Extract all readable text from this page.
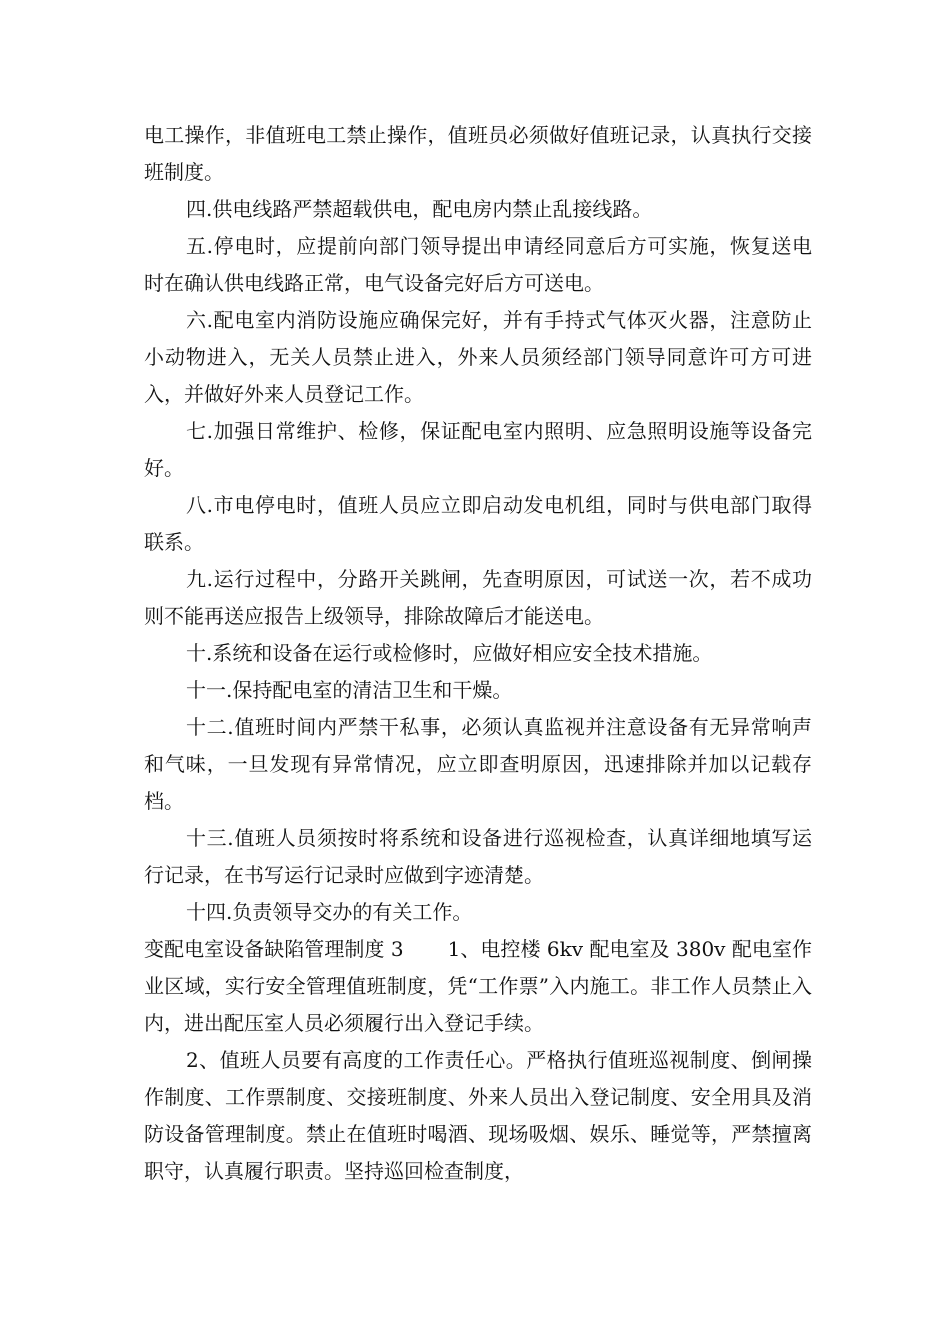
电工操作，非值班电工禁止操作，值班员必须做好值班记录，认真执行交接班制度。

四.供电线路严禁超载供电，配电房内禁止乱接线路。

五.停电时，应提前向部门领导提出申请经同意后方可实施，恢复送电时在确认供电线路正常，电气设备完好后方可送电。

六.配电室内消防设施应确保完好，并有手持式气体灭火器，注意防止小动物进入，无关人员禁止进入，外来人员须经部门领导同意许可方可进入，并做好外来人员登记工作。

七.加强日常维护、检修，保证配电室内照明、应急照明设施等设备完好。

八.市电停电时，值班人员应立即启动发电机组，同时与供电部门取得联系。

九.运行过程中，分路开关跳闸，先查明原因，可试送一次，若不成功则不能再送应报告上级领导，排除故障后才能送电。

十.系统和设备在运行或检修时，应做好相应安全技术措施。

十一.保持配电室的清洁卫生和干燥。

十二.值班时间内严禁干私事，必须认真监视并注意设备有无异常响声和气味，一旦发现有异常情况，应立即查明原因，迅速排除并加以记载存档。

十三.值班人员须按时将系统和设备进行巡视检查，认真详细地填写运行记录，在书写运行记录时应做到字迹清楚。

十四.负责领导交办的有关工作。

变配电室设备缺陷管理制度 3 1、电控楼 6kv 配电室及 380v 配电室作业区域，实行安全管理值班制度，凭“工作票”入内施工。非工作人员禁止入内，进出配压室人员必须履行出入登记手续。

2、值班人员要有高度的工作责任心。严格执行值班巡视制度、倒闸操作制度、工作票制度、交接班制度、外来人员出入登记制度、安全用具及消防设备管理制度。禁止在值班时喝酒、现场吸烟、娱乐、睡觉等，严禁擅离职守，认真履行职责。坚持巡回检查制度，
